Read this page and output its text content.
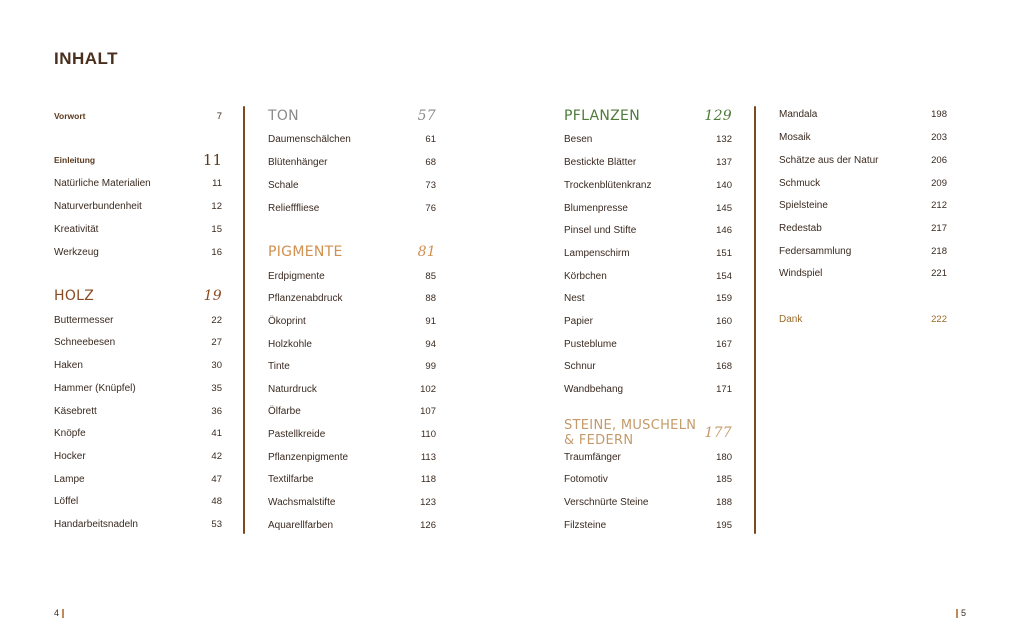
INHALT
Vorwort	7
Einleitung	11
Natürliche Materialien	11
Naturverbundenheit	12
Kreativität	15
Werkzeug	16
HOLZ	19
Buttermesser	22
Schneebesen	27
Haken	30
Hammer (Knüpfel)	35
Käsebrett	36
Knöpfe	41
Hocker	42
Lampe	47
Löffel	48
Handarbeitsnadeln	53
TON	57
Daumenschälchen	61
Blütenhänger	68
Schale	73
Reliefffliese	76
PIGMENTE	81
Erdpigmente	85
Pflanzenabdruck	88
Ökoprint	91
Holzkohle	94
Tinte	99
Naturdruck	102
Ölfarbe	107
Pastellkreide	110
Pflanzenpigmente	113
Textilfarbe	118
Wachsmalstifte	123
Aquarellfarben	126
PFLANZEN	129
Besen	132
Bestickte Blätter	137
Trockenblütenkranz	140
Blumenpresse	145
Pinsel und Stifte	146
Lampenschirm	151
Körbchen	154
Nest	159
Papier	160
Pusteblume	167
Schnur	168
Wandbehang	171
STEINE, MUSCHELN & FEDERN	177
Traumfänger	180
Fotomotiv	185
Verschnürte Steine	188
Filzsteine	195
Mandala	198
Mosaik	203
Schätze aus der Natur	206
Schmuck	209
Spielsteine	212
Redestab	217
Federsammlung	218
Windspiel	221
Dank	222
4	5
